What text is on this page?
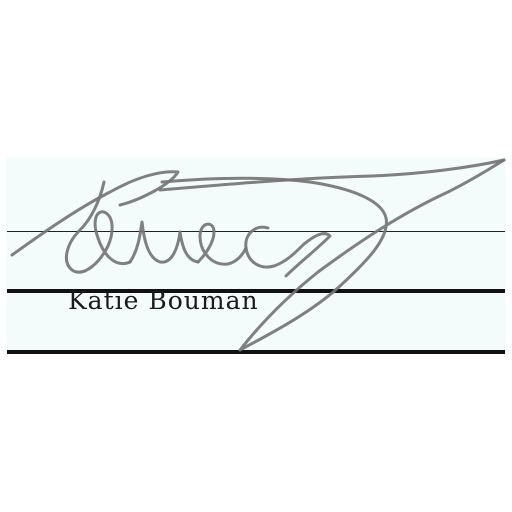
Katie Bouman
